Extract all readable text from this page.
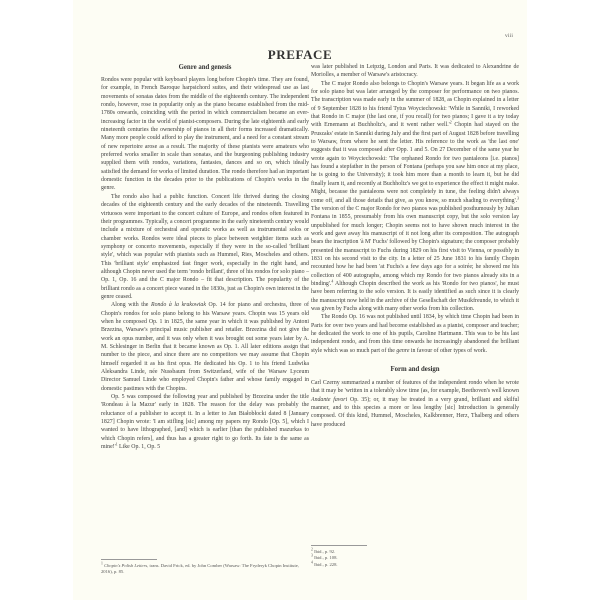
viii
PREFACE
Genre and genesis

Rondos were popular with keyboard players long before Chopin's time. They are found, for example, in French Baroque harpsichord suites, and their widespread use as last movements of sonatas dates from the middle of the eighteenth century. The independent rondo, however, rose in popularity only as the piano became established from the mid-1780s onwards, coinciding with the period in which commercialism became an ever-increasing factor in the world of pianist-composers. During the late eighteenth and early nineteenth centuries the ownership of pianos in all their forms increased dramatically. Many more people could afford to play the instrument, and a need for a constant stream of new repertoire arose as a result. The majority of these pianists were amateurs who preferred works smaller in scale than sonatas, and the burgeoning publishing industry supplied them with rondos, variations, fantasies, dances and so on, which ideally satisfied the demand for works of limited duration. The rondo therefore had an important domestic function in the decades prior to the publications of Chopin's works in the genre.

The rondo also had a public function. Concert life thrived during the closing decades of the eighteenth century and the early decades of the nineteenth. Travelling virtuosos were important to the concert culture of Europe, and rondos often featured in their programmes. Typically, a concert programme in the early nineteenth century would include a mixture of orchestral and operatic works as well as instrumental solos or chamber works. Rondos were ideal pieces to place between weightier items such as symphony or concerto movements, especially if they were in the so-called 'brilliant style', which was popular with pianists such as Hummel, Ries, Moscheles and others. This 'brilliant style' emphasized fast finger work, especially in the right hand, and although Chopin never used the term 'rondo brillant', three of his rondos for solo piano – Op. 1, Op. 16 and the C major Rondo – fit that description. The popularity of the brilliant rondo as a concert piece waned in the 1830s, just as Chopin's own interest in the genre ceased.

Along with the Rondo à la krakowiak Op. 14 for piano and orchestra, three of Chopin's rondos for solo piano belong to his Warsaw years. Chopin was 15 years old when he composed Op. 1 in 1825, the same year in which it was published by Antoni Brzezina, Warsaw's principal music publisher and retailer. Brzezina did not give the work an opus number, and it was only when it was brought out some years later by A. M. Schlesinger in Berlin that it became known as Op. 1. All later editions assign that number to the piece, and since there are no competitors we may assume that Chopin himself regarded it as his first opus. He dedicated his Op. 1 to his friend Ludwika Aleksandra Linde, née Nussbaum from Switzerland, wife of the Warsaw Lyceum Director Samuel Linde who employed Chopin's father and whose family engaged in domestic pastimes with the Chopins.

Op. 5 was composed the following year and published by Brzezina under the title 'Rondeau à la Mazur' early in 1828. The reason for the delay was probably the reluctance of a publisher to accept it. In a letter to Jan Białobłocki dated 8 [January 1827] Chopin wrote: 'I am stifling [sic] among my papers my Rondo [Op. 5], which I wanted to have lithographed, [and] which is earlier [than the published mazurkas to which Chopin refers], and thus has a greater right to go forth. Its fate is the same as $\min e!'^1$ Like Op. 1, Op. 5

$^1$ Chopin's Polish Letters, trans. David Frick, ed. by John Comber (Warsaw: The Fryderyk Chopin Institute, 2016), p. 85.

was later published in Leipzig, London and Paris. It was dedicated to Alexandrine de Moriolles, a member of Warsaw's aristocracy.

The C major Rondo also belongs to Chopin's Warsaw years. It began life as a work for solo piano but was later arranged by the composer for performance on two pianos. The transcription was made early in the summer of 1828, as Chopin explained in a letter of 9 September 1828 to his friend Tytus Woyciechowski: 'While in Sanniki, I reworked that Rondo in C major (the last one, if you recall) for two pianos; I gave it a try today with Ernemann at Buchholtz's, and it went rather $well.'^2$ Chopin had stayed on the Pruszaks' estate in Sanniki during July and the first part of August 1828 before travelling to Warsaw, from where he sent the letter. His reference to the work as 'the last one' suggests that it was composed after Opp. 1 and 5. On 27 December of the same year he wrote again to Woyciechowski: 'The orphaned Rondo for two pantaleons [i.e. pianos] has found a stepfather in the person of Fontana (perhaps you saw him once at my place, he is going to the University); it took him more than a month to learn it, but he did finally learn it, and recently at Buchholtz's we got to experience the effect it might make. Might, because the pantaleons were not completely in tune, the feeling didn't always come off, and all those details that give, as you know, so much shading to everything'.$^3$ The version of the C major Rondo for two pianos was published posthumously by Julian Fontana in 1855, presumably from his own manuscript copy, but the solo version lay unpublished for much longer; Chopin seems not to have shown much interest in the work and gave away his manuscript of it not long after its composition. The autograph bears the inscription 'à M' Fuchs' followed by Chopin's signature; the composer probably presented the manuscript to Fuchs during 1829 on his first visit to Vienna, or possibly in 1831 on his second visit to the city. In a letter of 25 June 1831 to his family Chopin recounted how he had been 'at Fuchs's a few days ago for a soirée; he showed me his collection of 400 autographs, among which my Rondo for two pianos already sits in a binding'.$^4$ Although Chopin described the work as his 'Rondo for two pianos', he must have been referring to the solo version. It is easily identified as such since it is clearly the manuscript now held in the archive of the Gesellschaft der Musikfreunde, to which it was given by Fuchs along with many other works from his collection.

The Rondo Op. 16 was not published until 1834, by which time Chopin had been in Paris for over two years and had become established as a pianist, composer and teacher; he dedicated the work to one of his pupils, Caroline Hartmann. This was to be his last independent rondo, and from this time onwards he increasingly abandoned the brilliant style which was so much part of the genre in favour of other types of work.

Form and design

Carl Czerny summarized a number of features of the independent rondo when he wrote that it may be 'written in a tolerably slow time (as, for example, Beethoven's well known Andante favori Op. 35); or, it may be treated in a very grand, brilliant and skilful manner, and to this species a more or less lengthy [sic] Introduction is generally composed. Of this kind, Hummel, Moscheles, Kalkbrenner, Herz, Thalberg and others have produced

$^2$ Ibid., p. 92.

$^3$ Ibid., p. 108.

$^4$ Ibid., p. 228.
